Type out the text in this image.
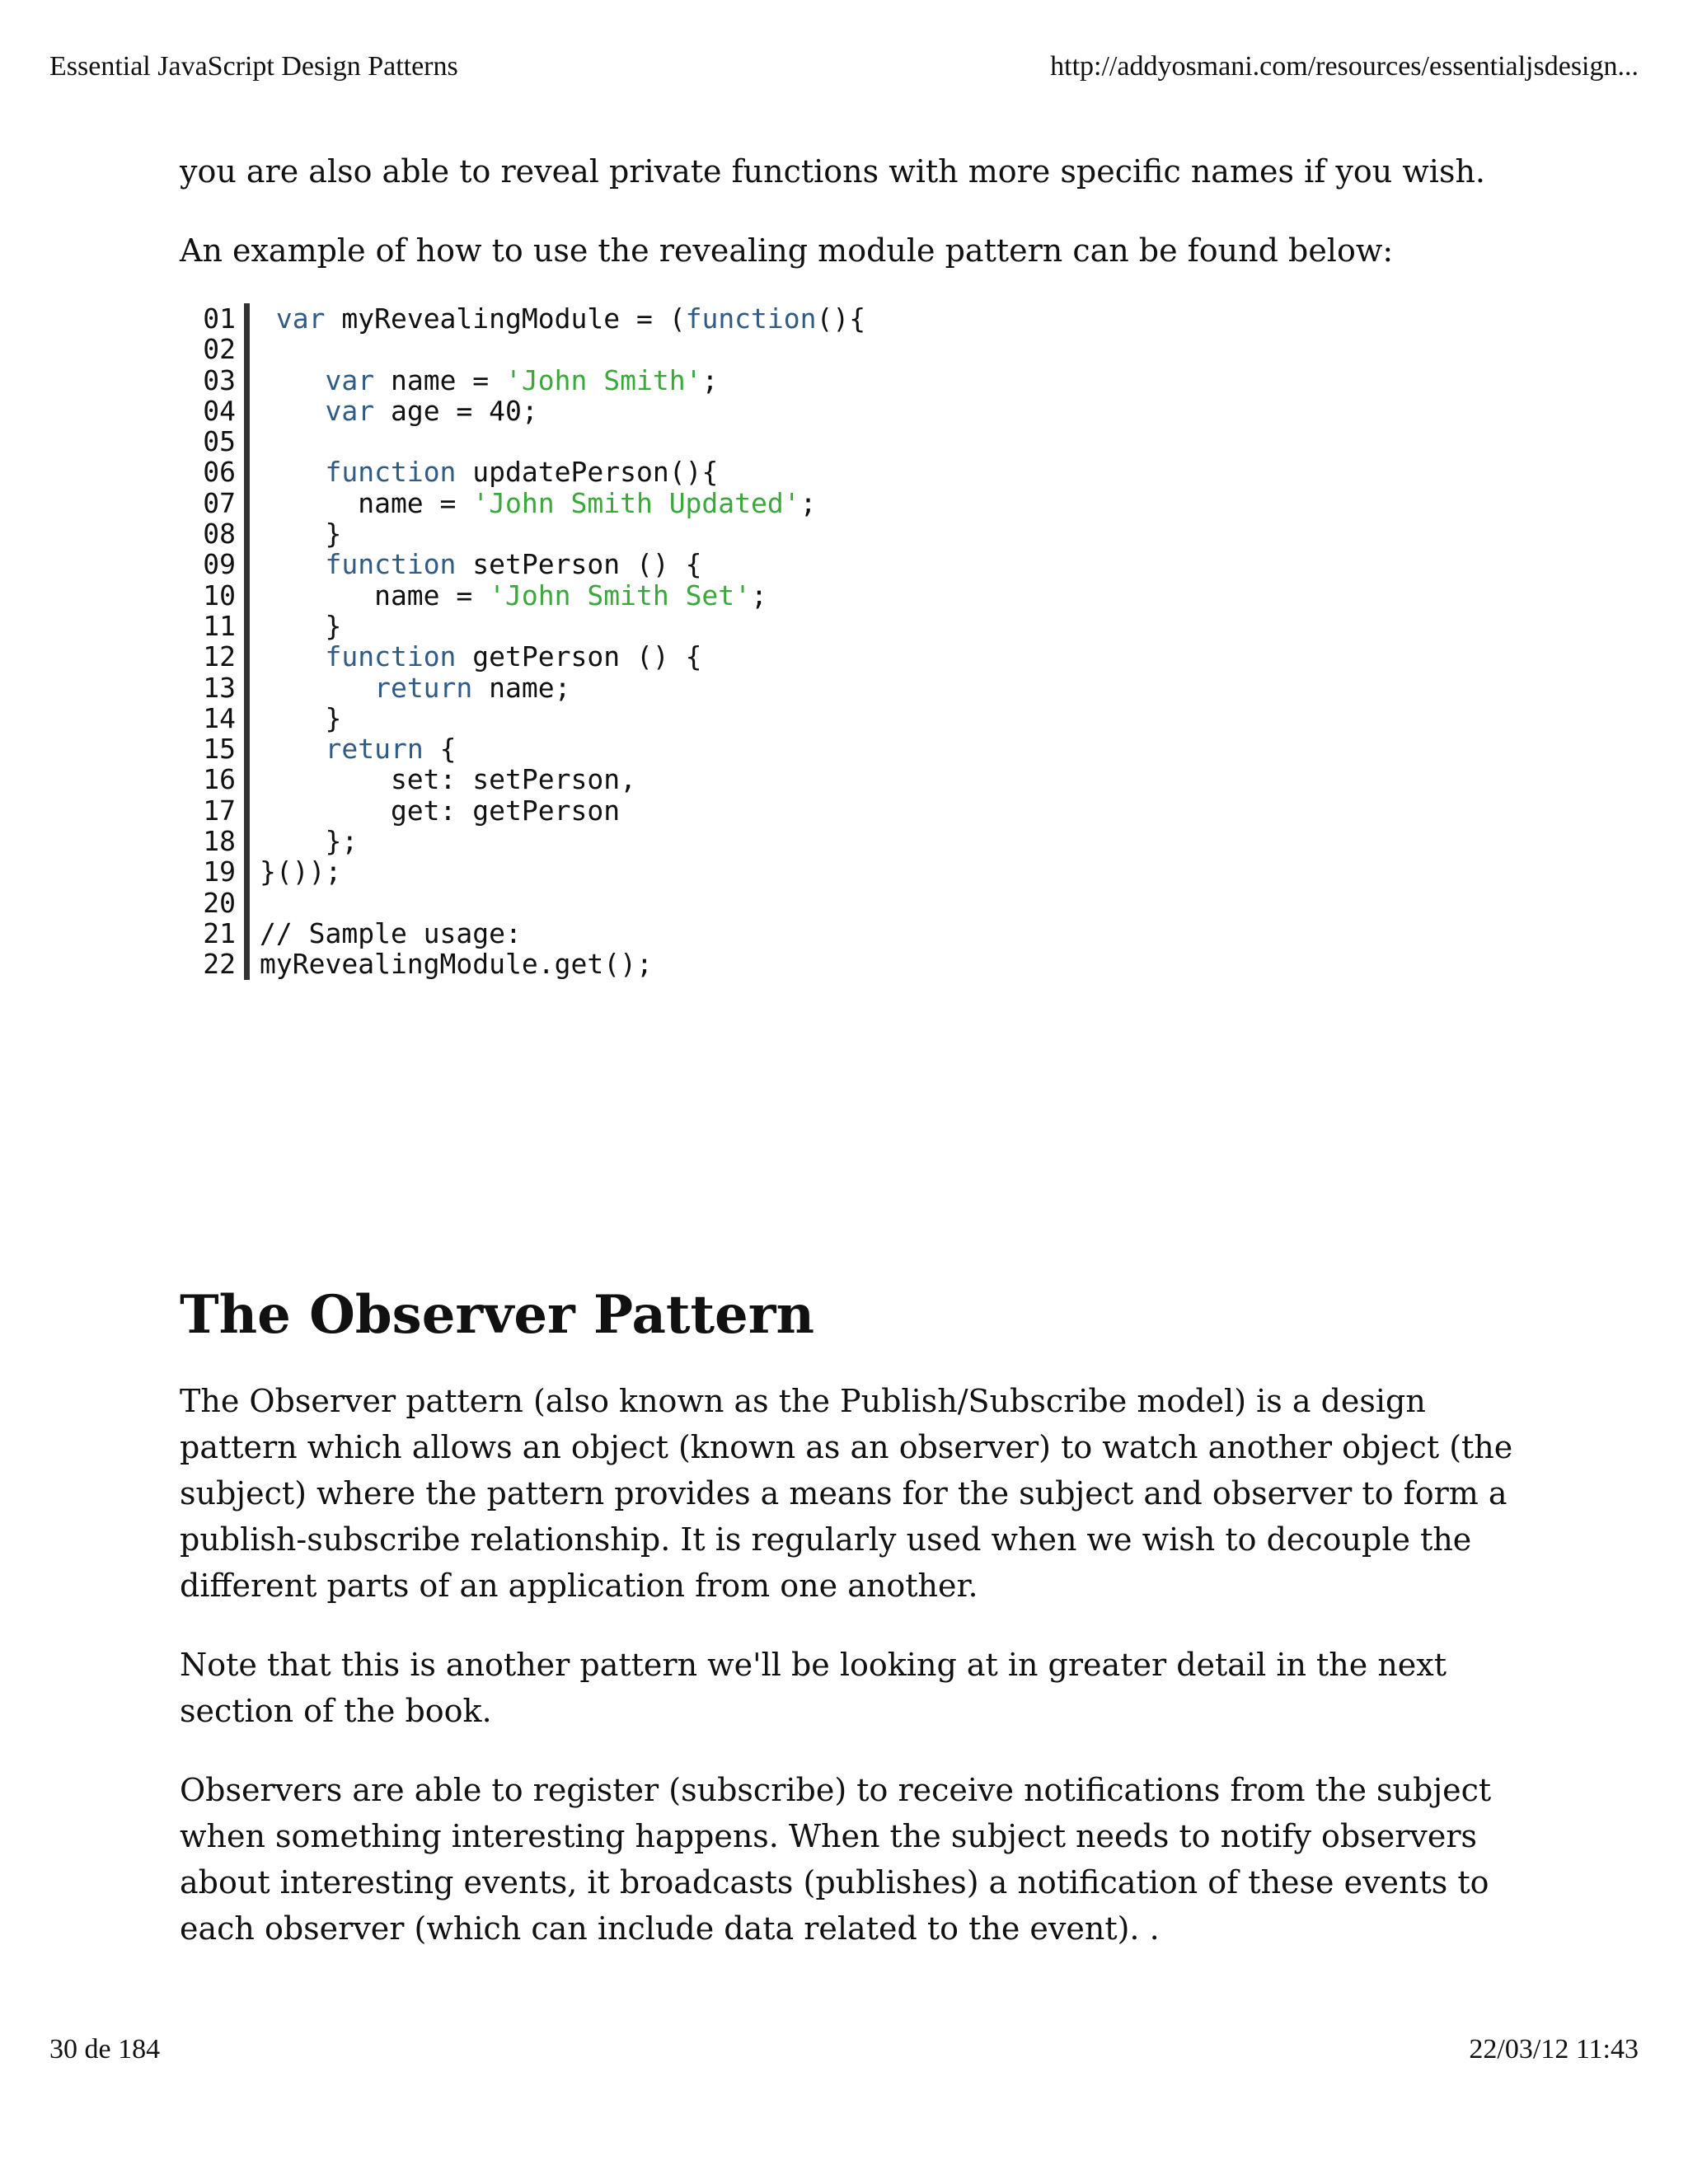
Essential JavaScript Design Patterns	http://addyosmani.com/resources/essentialjsdesign...

you are also able to reveal private functions with more specific names if you wish.

An example of how to use the revealing module pattern can be found below:

01
02
03
04
05
06
07
08
09
10
11
12
13
14
15
16
17
18
19
20
21
22
var myRevealingModule = (function(){
var name = 'John Smith';
var age = 40;
function updatePerson(){
name = 'John Smith Updated';
}
function setPerson () {
name = 'John Smith Set';
}
function getPerson () {
return name;
}
return {
set: setPerson,
get: getPerson
};
}());
// Sample usage:
myRevealingModule.get();
The Observer Pattern

The Observer pattern (also known as the Publish/Subscribe model) is a design pattern which allows an object (known as an observer) to watch another object (the subject) where the pattern provides a means for the subject and observer to form a publish-subscribe relationship. It is regularly used when we wish to decouple the different parts of an application from one another.

Note that this is another pattern we'll be looking at in greater detail in the next section of the book.

Observers are able to register (subscribe) to receive notifications from the subject when something interesting happens. When the subject needs to notify observers about interesting events, it broadcasts (publishes) a notification of these events to each observer (which can include data related to the event). .

30 de 184	22/03/12 11:43
